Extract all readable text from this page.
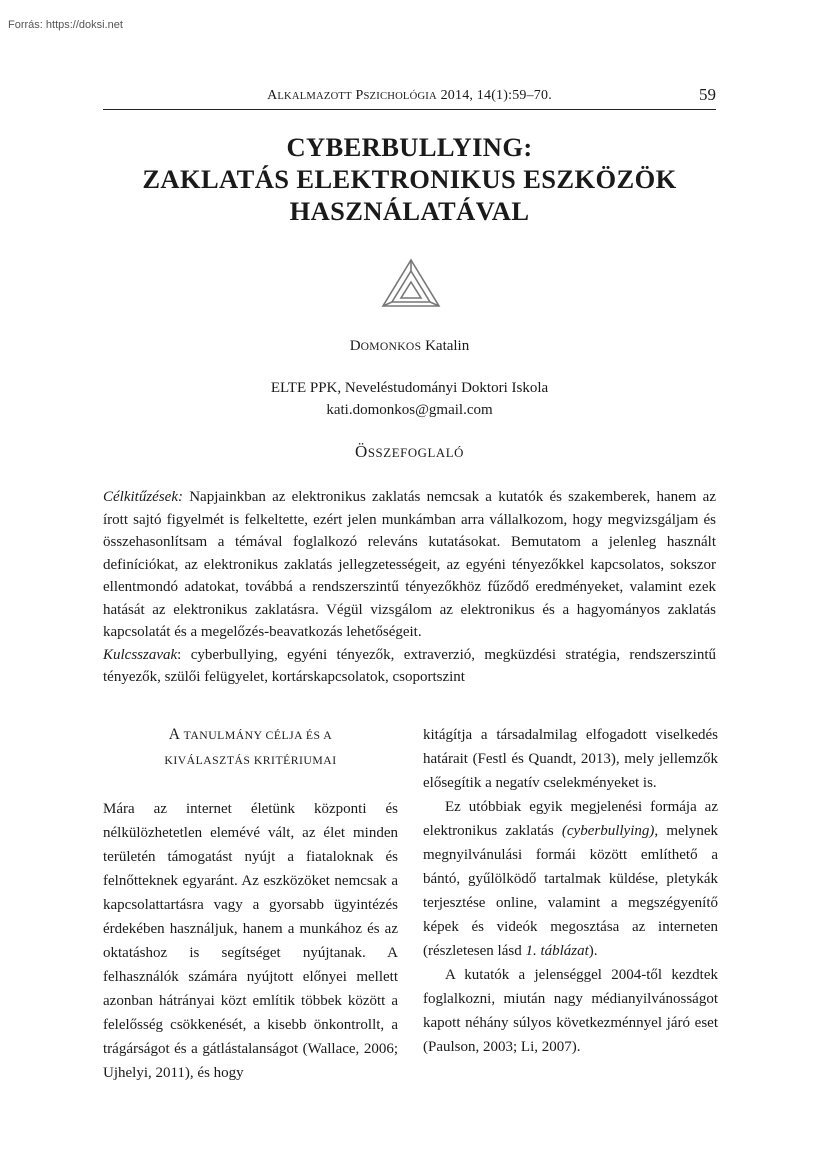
Forrás: https://doksi.net
ALKALMAZOTT PSZICHOLÓGIA 2014, 14(1):59–70.	59
CYBERBULLYING:
ZAKLATÁS ELEKTRONIKUS ESZKÖZÖK
HASZNÁLATÁVAL
DOMONKOS Katalin
ELTE PPK, Neveléstudományi Doktori Iskola
kati.domonkos@gmail.com
ÖSSZEFOGLALÓ

Célkitűzések: Napjainkban az elektronikus zaklatás nemcsak a kutatók és szakemberek, hanem az írott sajtó figyelmét is felkeltette, ezért jelen munkámban arra vállalkozom, hogy megvizsgáljam és összehasonlítsam a témával foglalkozó releváns kutatásokat. Bemutatom a jelenleg használt definíciókat, az elektronikus zaklatás jellegzetességeit, az egyéni tényezőkkel kapcsolatos, sokszor ellentmondó adatokat, továbbá a rendszerszintű tényezőkhöz fűződő eredményeket, valamint ezek hatását az elektronikus zaklatásra. Végül vizsgálom az elektronikus és a hagyományos zaklatás kapcsolatát és a megelőzés-beavatkozás lehetőségeit.

Kulcsszavak: cyberbullying, egyéni tényezők, extraverzió, megküzdési stratégia, rendszerszintű tényezők, szülői felügyelet, kortárskapcsolatok, csoportszint

A TANULMÁNY CÉLJA ÉS A
KIVÁLASZTÁS KRITÉRIUMAI

Mára az internet életünk központi és nélkülözhetetlen elemévé vált, az élet minden területén támogatást nyújt a fiataloknak és felnőtteknek egyaránt. Az eszközöket nemcsak a kapcsolattartásra vagy a gyorsabb ügyintézés érdekében használjuk, hanem a munkához és az oktatáshoz is segítséget nyújtanak. A felhasználók számára nyújtott előnyei mellett azonban hátrányai közt említik többek között a felelősség csökkenését, a kisebb önkontrollt, a trágárságot és a gátlástalanságot (Wallace, 2006; Ujhelyi, 2011), és hogy

kitágítja a társadalmilag elfogadott viselkedés határait (Festl és Quandt, 2013), mely jellemzők elősegítik a negatív cselekményeket is.

Ez utóbbiak egyik megjelenési formája az elektronikus zaklatás (cyberbullying), melynek megnyilvánulási formái között említhető a bántó, gyűlölködő tartalmak küldése, pletykák terjesztése online, valamint a megszégyenítő képek és videók megosztása az interneten (részletesen lásd 1. táblázat).

A kutatók a jelenséggel 2004-től kezdtek foglalkozni, miután nagy médianyilvánosságot kapott néhány súlyos következménnyel járó eset (Paulson, 2003; Li, 2007).
